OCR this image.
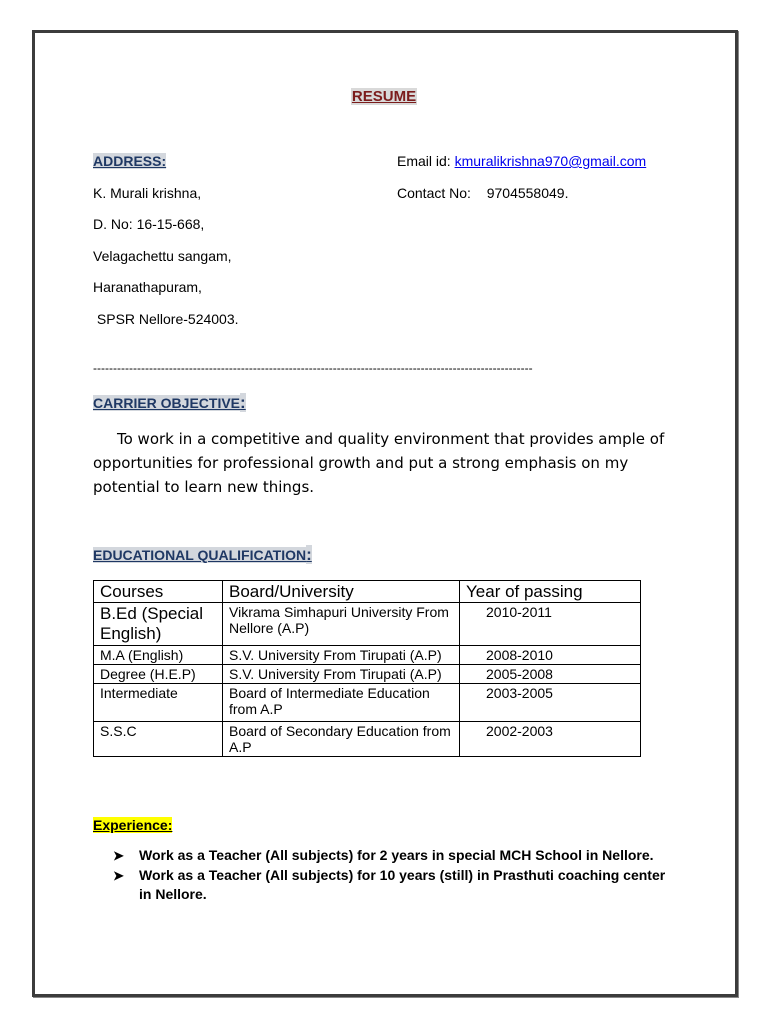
RESUME
ADDRESS:
K. Murali krishna,
D. No: 16-15-668,
Velagachettu sangam,
Haranathapuram,
SPSR Nellore-524003.
Email id: kmuralikrishna970@gmail.com
Contact No: 9704558049.
--------------------------------------------------------------------------------------------------------------
CARRIER OBJECTIVE:
To work in a competitive and quality environment that provides ample of opportunities for professional growth and put a strong emphasis on my potential to learn new things.
EDUCATIONAL QUALIFICATION:
Courses	Board/University	Year of passing
B.Ed (Special English)	Vikrama Simhapuri University From Nellore (A.P)	2010-2011
M.A (English)	S.V. University From Tirupati (A.P)	2008-2010
Degree (H.E.P)	S.V. University From Tirupati (A.P)	2005-2008
Intermediate	Board of Intermediate Education from A.P	2003-2005
S.S.C	Board of Secondary Education from A.P	2002-2003
Experience:
➤ Work as a Teacher (All subjects) for 2 years in special MCH School in Nellore.
➤ Work as a Teacher (All subjects) for 10 years (still) in Prasthuti coaching center in Nellore.
